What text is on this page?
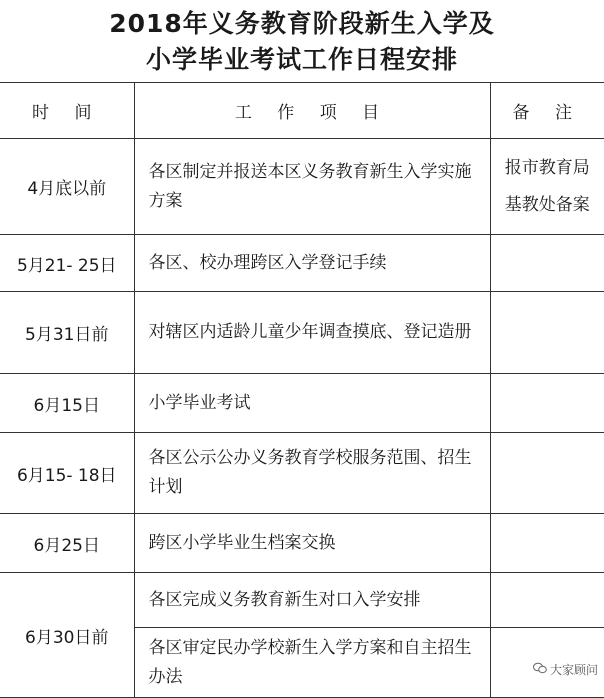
2018年义务教育阶段新生入学及
小学毕业考试工作日程安排
时 间	工 作 项 目	备 注
4月底以前	各区制定并报送本区义务教育新生入学实施方案	报市教育局
基教处备案

5月21- 25日	各区、校办理跨区入学登记手续	
5月31日前	对辖区内适龄儿童少年调查摸底、登记造册	
6月15日	小学毕业考试	
6月15- 18日	各区公示公办义务教育学校服务范围、招生计划	
6月25日	跨区小学毕业生档案交换	
6月30日前	各区完成义务教育新生对口入学安排	
	各区审定民办学校新生入学方案和自主招生办法		大家顾问
